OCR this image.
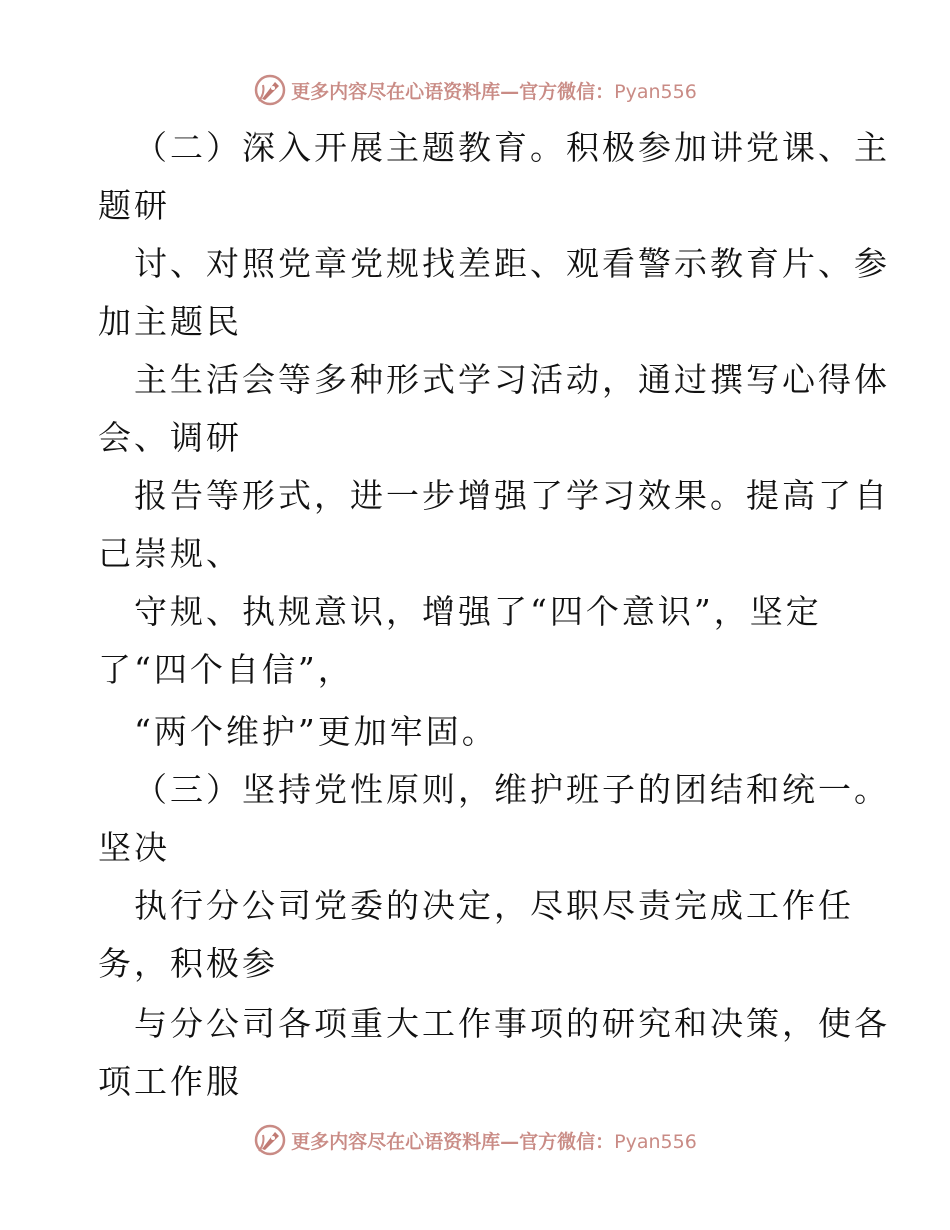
更多内容尽在心语资料库—官方微信：Pyan556
（二）深入开展主题教育。积极参加讲党课、主
题研
讨、对照党章党规找差距、观看警示教育片、参
加主题民
主生活会等多种形式学习活动，通过撰写心得体
会、调研
报告等形式，进一步增强了学习效果。提高了自
己崇规、
守规、执规意识，增强了“四个意识”，坚定
了“四个自信”，
“两个维护”更加牢固。
（三）坚持党性原则，维护班子的团结和统一。
坚决
执行分公司党委的决定，尽职尽责完成工作任
务，积极参
与分公司各项重大工作事项的研究和决策，使各
项工作服
更多内容尽在心语资料库—官方微信：Pyan556
